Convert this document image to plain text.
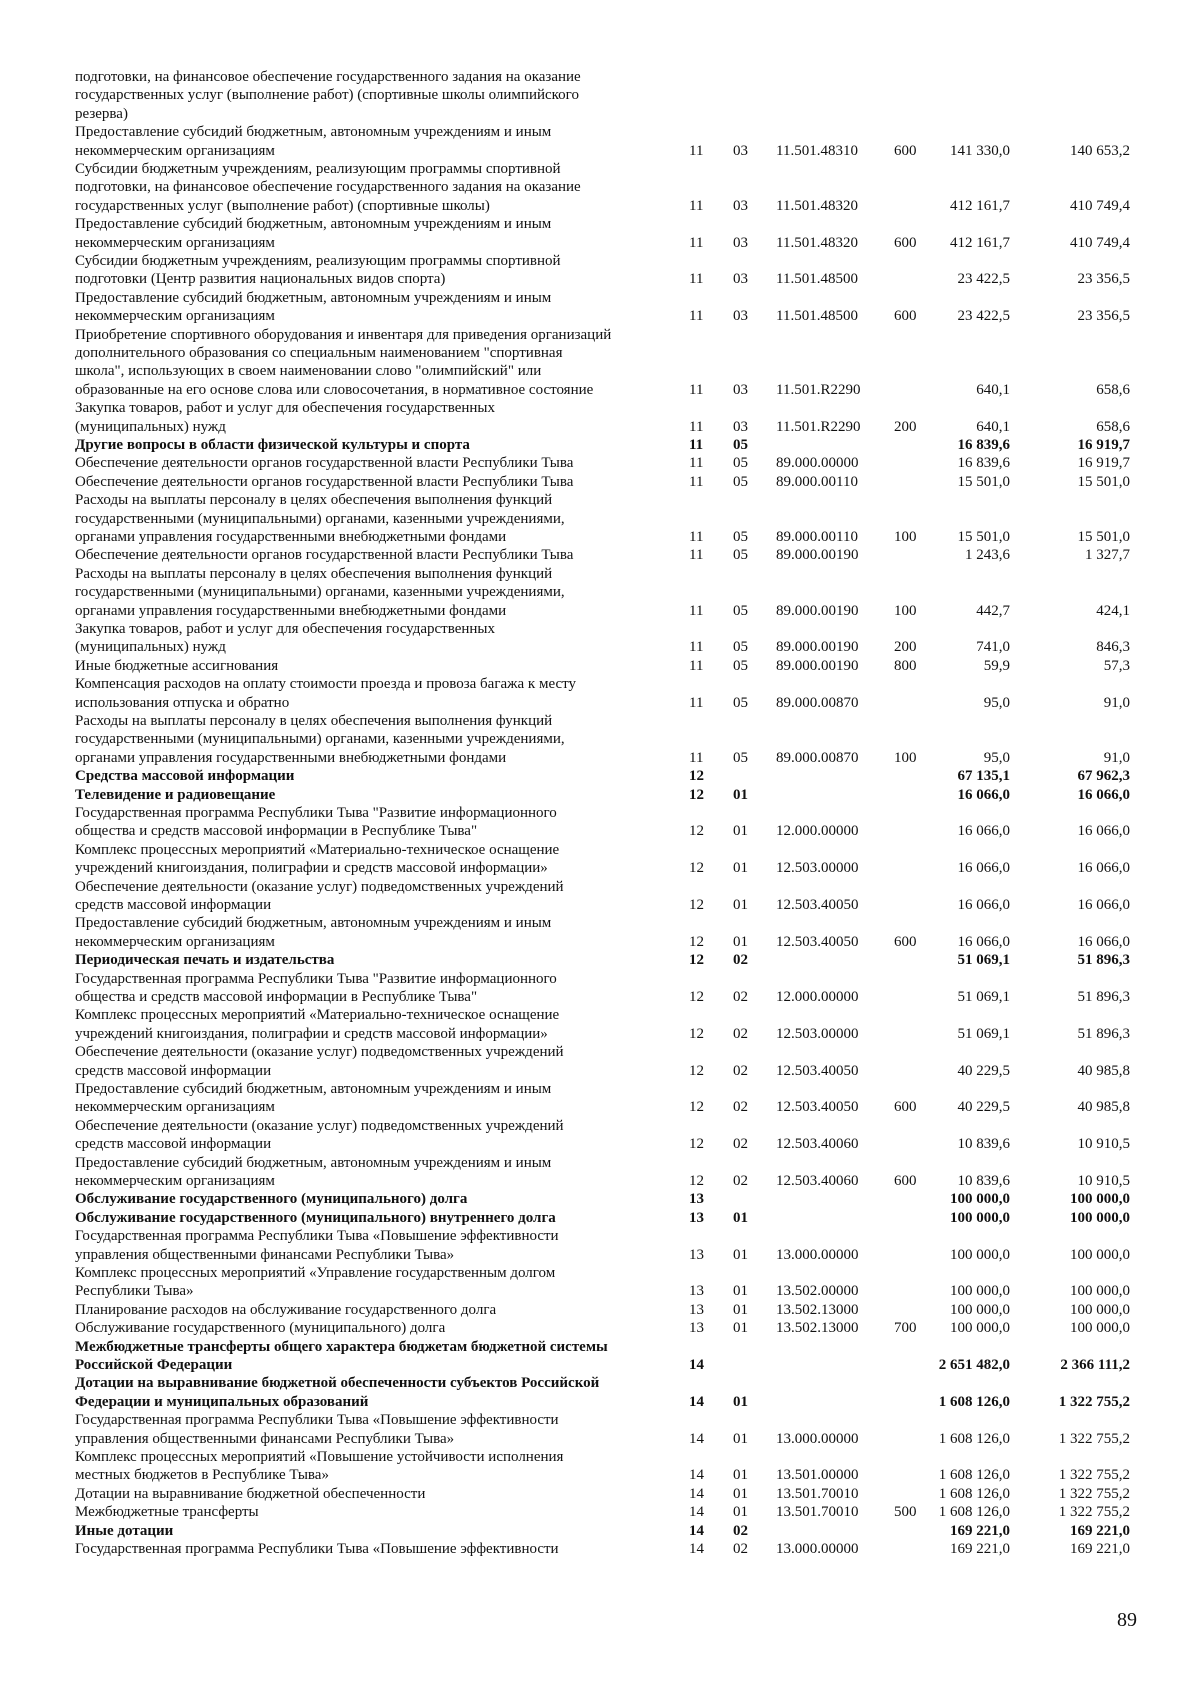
подготовки, на финансовое обеспечение государственного задания на оказание
государственных услуг (выполнение работ) (спортивные школы олимпийского
резерва)
Предоставление субсидий бюджетным, автономным учреждениям и иным
некоммерческим организациям	11	03	11.501.48310	600	141 330,0	140 653,2
Субсидии бюджетным учреждениям, реализующим программы спортивной
подготовки, на финансовое обеспечение государственного задания на оказание
государственных услуг (выполнение работ) (спортивные школы)	11	03	11.501.48320	412 161,7	410 749,4
Предоставление субсидий бюджетным, автономным учреждениям и иным
некоммерческим организациям	11	03	11.501.48320	600	412 161,7	410 749,4
Субсидии бюджетным учреждениям, реализующим программы спортивной
подготовки (Центр развития национальных видов спорта)	11	03	11.501.48500	23 422,5	23 356,5
Предоставление субсидий бюджетным, автономным учреждениям и иным
некоммерческим организациям	11	03	11.501.48500	600	23 422,5	23 356,5
Приобретение спортивного оборудования и инвентаря для приведения организаций
дополнительного образования со специальным наименованием "спортивная
школа", использующих в своем наименовании слово "олимпийский" или
образованные на его основе слова или словосочетания, в нормативное состояние	11	03	11.501.R2290	640,1	658,6
Закупка товаров, работ и услуг для обеспечения государственных
(муниципальных) нужд	11	03	11.501.R2290	200	640,1	658,6
Другие вопросы в области физической культуры и спорта	11	05	16 839,6	16 919,7
Обеспечение деятельности органов государственной власти Республики Тыва	11	05	89.000.00000	16 839,6	16 919,7
Обеспечение деятельности органов государственной власти Республики Тыва	11	05	89.000.00110	15 501,0	15 501,0
Расходы на выплаты персоналу в целях обеспечения выполнения функций
государственными (муниципальными) органами, казенными учреждениями,
органами управления государственными внебюджетными фондами	11	05	89.000.00110	100	15 501,0	15 501,0
Обеспечение деятельности органов государственной власти Республики Тыва	11	05	89.000.00190	1 243,6	1 327,7
Расходы на выплаты персоналу в целях обеспечения выполнения функций
государственными (муниципальными) органами, казенными учреждениями,
органами управления государственными внебюджетными фондами	11	05	89.000.00190	100	442,7	424,1
Закупка товаров, работ и услуг для обеспечения государственных
(муниципальных) нужд	11	05	89.000.00190	200	741,0	846,3
Иные бюджетные ассигнования	11	05	89.000.00190	800	59,9	57,3
Компенсация расходов на оплату стоимости проезда и провоза багажа к месту
использования отпуска и обратно	11	05	89.000.00870	95,0	91,0
Расходы на выплаты персоналу в целях обеспечения выполнения функций
государственными (муниципальными) органами, казенными учреждениями,
органами управления государственными внебюджетными фондами	11	05	89.000.00870	100	95,0	91,0
Средства массовой информации	12	67 135,1	67 962,3
Телевидение и радиовещание	12	01	16 066,0	16 066,0
Государственная программа Республики Тыва "Развитие информационного
общества и средств массовой информации в Республике Тыва"	12	01	12.000.00000	16 066,0	16 066,0
Комплекс процессных мероприятий «Материально-техническое оснащение
учреждений книгоиздания, полиграфии и средств массовой информации»	12	01	12.503.00000	16 066,0	16 066,0
Обеспечение деятельности (оказание услуг) подведомственных учреждений
средств массовой информации	12	01	12.503.40050	16 066,0	16 066,0
Предоставление субсидий бюджетным, автономным учреждениям и иным
некоммерческим организациям	12	01	12.503.40050	600	16 066,0	16 066,0
Периодическая печать и издательства	12	02	51 069,1	51 896,3
Государственная программа Республики Тыва "Развитие информационного
общества и средств массовой информации в Республике Тыва"	12	02	12.000.00000	51 069,1	51 896,3
Комплекс процессных мероприятий «Материально-техническое оснащение
учреждений книгоиздания, полиграфии и средств массовой информации»	12	02	12.503.00000	51 069,1	51 896,3
Обеспечение деятельности (оказание услуг) подведомственных учреждений
средств массовой информации	12	02	12.503.40050	40 229,5	40 985,8
Предоставление субсидий бюджетным, автономным учреждениям и иным
некоммерческим организациям	12	02	12.503.40050	600	40 229,5	40 985,8
Обеспечение деятельности (оказание услуг) подведомственных учреждений
средств массовой информации	12	02	12.503.40060	10 839,6	10 910,5
Предоставление субсидий бюджетным, автономным учреждениям и иным
некоммерческим организациям	12	02	12.503.40060	600	10 839,6	10 910,5
Обслуживание государственного (муниципального) долга	13	100 000,0	100 000,0
Обслуживание государственного (муниципального) внутреннего долга	13	01	100 000,0	100 000,0
Государственная программа Республики Тыва «Повышение эффективности
управления общественными финансами Республики Тыва»	13	01	13.000.00000	100 000,0	100 000,0
Комплекс процессных мероприятий «Управление государственным долгом
Республики Тыва»	13	01	13.502.00000	100 000,0	100 000,0
Планирование расходов на обслуживание государственного долга	13	01	13.502.13000	100 000,0	100 000,0
Обслуживание государственного (муниципального) долга	13	01	13.502.13000	700	100 000,0	100 000,0
Межбюджетные трансферты общего характера бюджетам бюджетной системы
Российской Федерации	14	2 651 482,0	2 366 111,2
Дотации на выравнивание бюджетной обеспеченности субъектов Российской
Федерации и муниципальных образований	14	01	1 608 126,0	1 322 755,2
Государственная программа Республики Тыва «Повышение эффективности
управления общественными финансами Республики Тыва»	14	01	13.000.00000	1 608 126,0	1 322 755,2
Комплекс процессных мероприятий «Повышение устойчивости исполнения
местных бюджетов в Республике Тыва»	14	01	13.501.00000	1 608 126,0	1 322 755,2
Дотации на выравнивание бюджетной обеспеченности	14	01	13.501.70010	1 608 126,0	1 322 755,2
Межбюджетные трансферты	14	01	13.501.70010	500	1 608 126,0	1 322 755,2
Иные дотации	14	02	169 221,0	169 221,0
Государственная программа Республики Тыва «Повышение эффективности	14	02	13.000.00000	169 221,0	169 221,0
89
